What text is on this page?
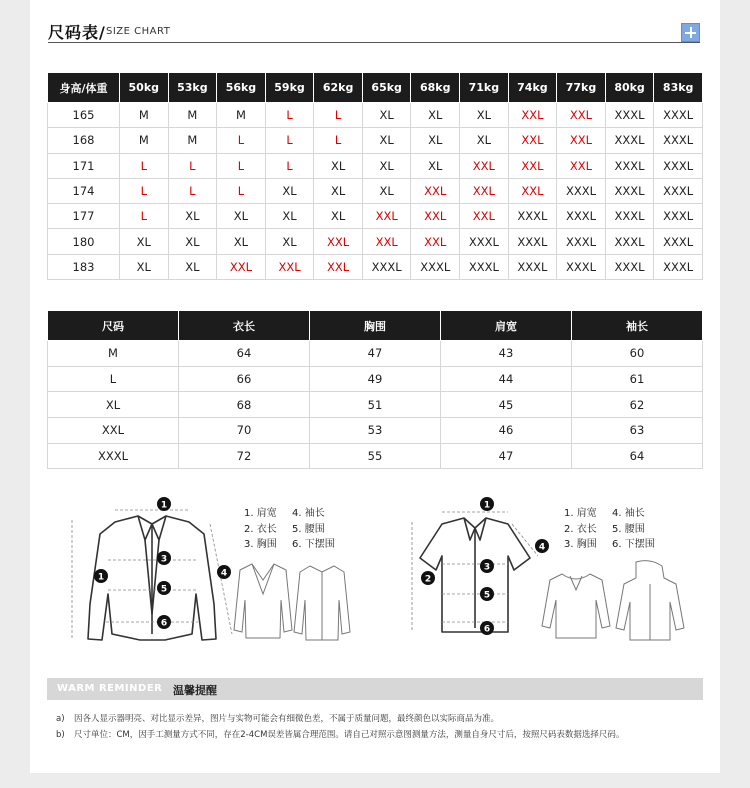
尺码表/ SIZE CHART
身高/体重	50kg	53kg	56kg	59kg	62kg	65kg	68kg	71kg	74kg	77kg	80kg	83kg
165	M	M	M	L	L	XL	XL	XL	XXL	XXL	XXXL	XXXL
168	M	M	L	L	L	XL	XL	XL	XXL	XXL	XXXL	XXXL
171	L	L	L	L	XL	XL	XL	XXL	XXL	XXL	XXXL	XXXL
174	L	L	L	XL	XL	XL	XXL	XXL	XXL	XXXL	XXXL	XXXL
177	L	XL	XL	XL	XL	XXL	XXL	XXL	XXXL	XXXL	XXXL	XXXL
180	XL	XL	XL	XL	XXL	XXL	XXL	XXXL	XXXL	XXXL	XXXL	XXXL
183	XL	XL	XXL	XXL	XXL	XXXL	XXXL	XXXL	XXXL	XXXL	XXXL	XXXL
尺码	衣长	胸围	肩宽	袖长
M	64	47	43	60
L	66	49	44	61
XL	68	51	45	62
XXL	70	53	46	63
XXXL	72	55	47	64
1
1
3
4
5
6
1. 肩宽
2. 衣长
3. 胸围
4. 袖长
5. 腰围
6. 下摆围
1
2
3
4
5
6
1. 肩宽
2. 衣长
3. 胸围
4. 袖长
5. 腰围
6. 下摆围
WARM REMINDER 温馨提醒
a) 因各人显示器明亮、对比显示差异，图片与实物可能会有细微色差，不属于质量问题，最终颜色以实际商品为准。
b) 尺寸单位：CM，因手工测量方式不同，存在2-4CM误差皆属合理范围。请自己对照示意图测量方法，测量自身尺寸后，按照尺码表数据选择尺码。
